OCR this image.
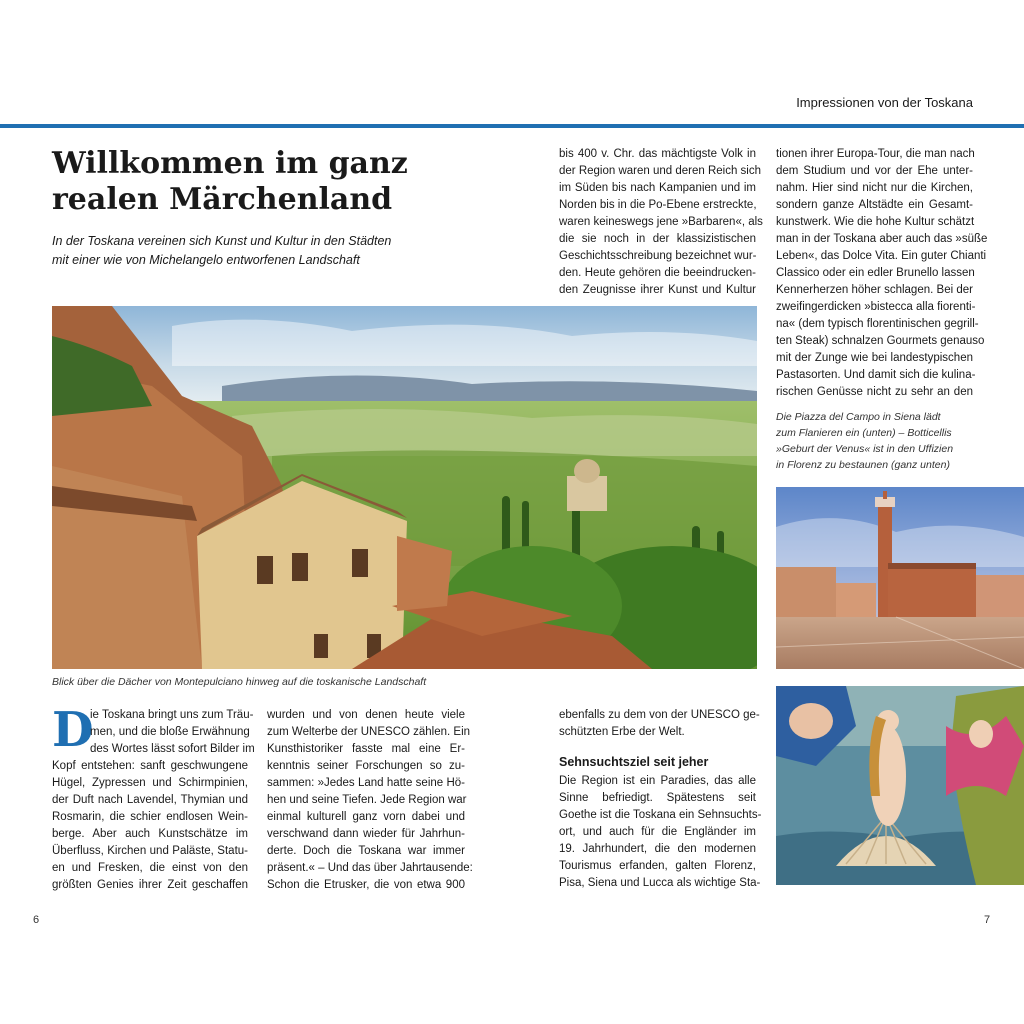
Impressionen von der Toskana
Willkommen im ganz
realen Märchenland
In der Toskana vereinen sich Kunst und Kultur in den Städten
mit einer wie von Michelangelo entworfenen Landschaft
bis 400 v. Chr. das mächtigste Volk in
der Region waren und deren Reich sich
im Süden bis nach Kampanien und im
Norden bis in die Po-Ebene erstreckte,
waren keineswegs jene »Barbaren«, als
die sie noch in der klassizistischen
Geschichtsschreibung bezeichnet wur-
den. Heute gehören die beeindrucken-
den Zeugnisse ihrer Kunst und Kultur
tionen ihrer Europa-Tour, die man nach
dem Studium und vor der Ehe unter-
nahm. Hier sind nicht nur die Kirchen,
sondern ganze Altstädte ein Gesamt-
kunstwerk. Wie die hohe Kultur schätzt
man in der Toskana aber auch das »süße
Leben«, das Dolce Vita. Ein guter Chianti
Classico oder ein edler Brunello lassen
Kennerherzen höher schlagen. Bei der
zweifingerdicken »bistecca alla fiorenti-
na« (dem typisch florentinischen gegrill-
ten Steak) schnalzen Gourmets genauso
mit der Zunge wie bei landestypischen
Pastasorten. Und damit sich die kulina-
rischen Genüsse nicht zu sehr an den
Die Piazza del Campo in Siena lädt
zum Flanieren ein (unten) – Botticellis
»Geburt der Venus« ist in den Uffizien
in Florenz zu bestaunen (ganz unten)
Blick über die Dächer von Montepulciano hinweg auf die toskanische Landschaft
D
ie Toskana bringt uns zum Träu-
men, und die bloße Erwähnung
des Wortes lässt sofort Bilder im
Kopf entstehen: sanft geschwungene
Hügel, Zypressen und Schirmpinien,
der Duft nach Lavendel, Thymian und
Rosmarin, die schier endlosen Wein-
berge. Aber auch Kunstschätze im
Überfluss, Kirchen und Paläste, Statu-
en und Fresken, die einst von den
größten Genies ihrer Zeit geschaffen
wurden und von denen heute viele
zum Welterbe der UNESCO zählen. Ein
Kunsthistoriker fasste mal eine Er-
kenntnis seiner Forschungen so zu-
sammen: »Jedes Land hatte seine Hö-
hen und seine Tiefen. Jede Region war
einmal kulturell ganz vorn dabei und
verschwand dann wieder für Jahrhun-
derte. Doch die Toskana war immer
präsent.« – Und das über Jahrtausende:
Schon die Etrusker, die von etwa 900
ebenfalls zu dem von der UNESCO ge-
schützten Erbe der Welt.
Sehnsuchtsziel seit jeher
Die Region ist ein Paradies, das alle
Sinne befriedigt. Spätestens seit
Goethe ist die Toskana ein Sehnsuchts-
ort, und auch für die Engländer im
19. Jahrhundert, die den modernen
Tourismus erfanden, galten Florenz,
Pisa, Siena und Lucca als wichtige Sta-
6	7
